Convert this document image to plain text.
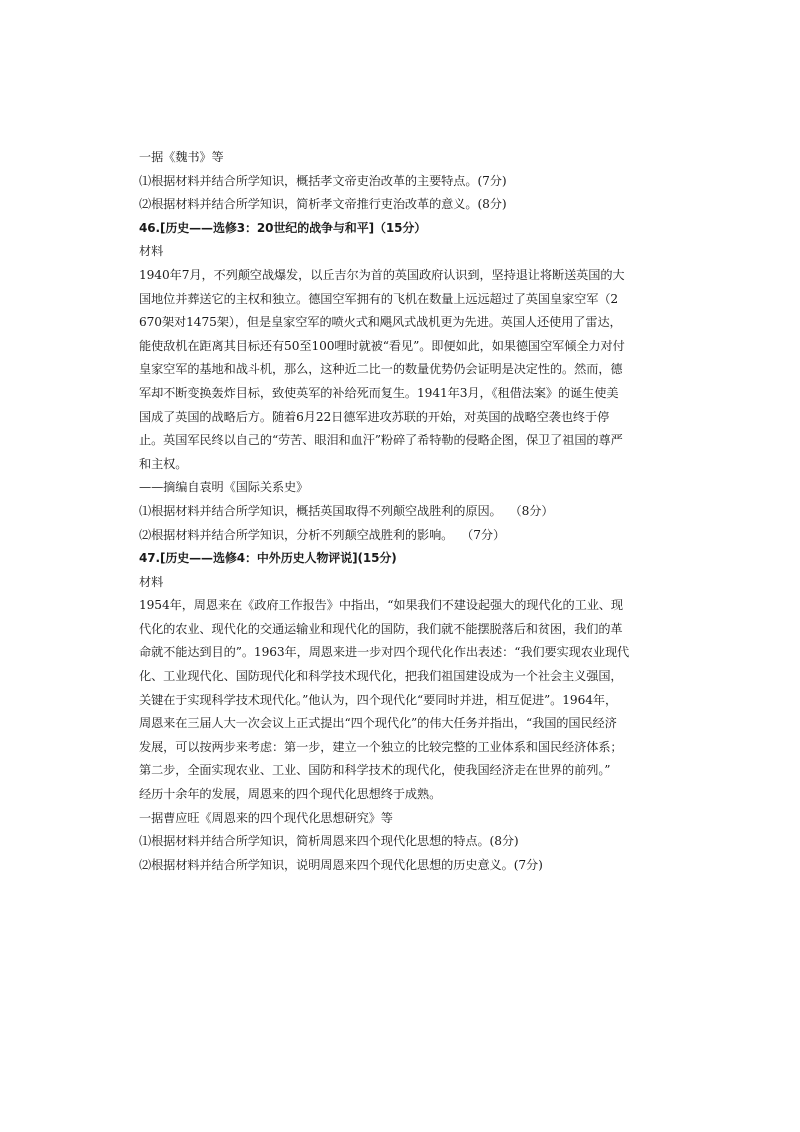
一据《魏书》等
⑴根据材料并结合所学知识，概括孝文帝吏治改革的主要特点。(7分)
⑵根据材料并结合所学知识，简析孝文帝推行吏治改革的意义。(8分)
46.[历史——选修3：20世纪的战争与和平]（15分）
材料
1940年7月，不列颠空战爆发，以丘吉尔为首的英国政府认识到，坚持退让将断送英国的大
国地位并葬送它的主权和独立。德国空军拥有的飞机在数量上远远超过了英国皇家空军（2
670架对1475架），但是皇家空军的喷火式和飓风式战机更为先进。英国人还使用了雷达，
能使敌机在距离其目标还有50至100哩时就被“看见”。即便如此，如果德国空军倾全力对付
皇家空军的基地和战斗机，那么，这种近二比一的数量优势仍会证明是决定性的。然而，德
军却不断变换轰炸目标，致使英军的补给死而复生。1941年3月，《租借法案》的诞生使美
国成了英国的战略后方。随着6月22日德军进攻苏联的开始，对英国的战略空袭也终于停
止。英国军民终以自己的“劳苦、眼泪和血汗”粉碎了希特勒的侵略企图，保卫了祖国的尊严
和主权。
——摘编自袁明《国际关系史》
⑴根据材料并结合所学知识，概括英国取得不列颠空战胜利的原因。 （8分）
⑵根据材料并结合所学知识，分析不列颠空战胜利的影响。 （7分）
47.[历史——选修4：中外历史人物评说](15分)
材料
1954年，周恩来在《政府工作报告》中指出，“如果我们不建设起强大的现代化的工业、现
代化的农业、现代化的交通运输业和现代化的国防，我们就不能摆脱落后和贫困，我们的革
命就不能达到目的”。1963年，周恩来进一步对四个现代化作出表述：“我们要实现农业现代
化、工业现代化、国防现代化和科学技术现代化，把我们祖国建设成为一个社会主义强国，
关键在于实现科学技术现代化。”他认为，四个现代化“要同时并进，相互促进”。1964年，
周恩来在三届人大一次会议上正式提出“四个现代化”的伟大任务并指出，“我国的国民经济
发展，可以按两步来考虑：第一步，建立一个独立的比较完整的工业体系和国民经济体系；
第二步，全面实现农业、工业、国防和科学技术的现代化，使我国经济走在世界的前列。”
经历十余年的发展，周恩来的四个现代化思想终于成熟。
一据曹应旺《周恩来的四个现代化思想研究》等
⑴根据材料并结合所学知识，简析周恩来四个现代化思想的特点。(8分)
⑵根据材料并结合所学知识，说明周恩来四个现代化思想的历史意义。(7分)
